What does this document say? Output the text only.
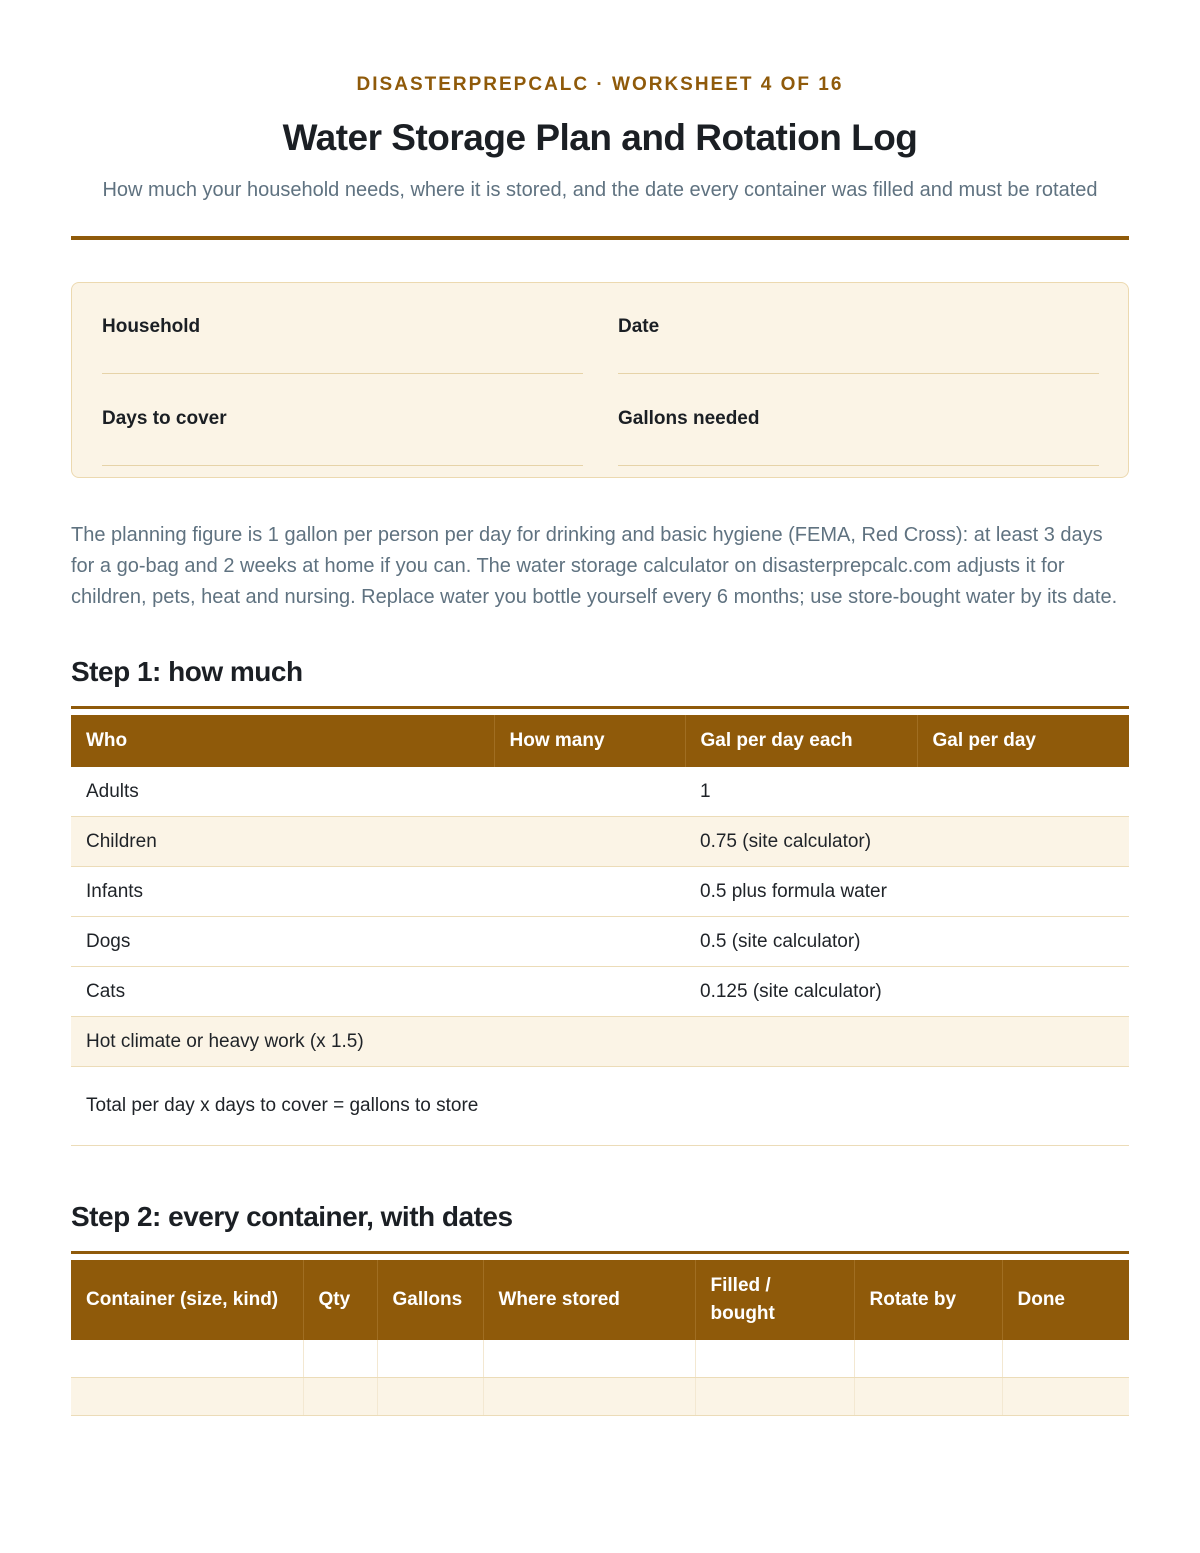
DISASTERPREPCALC · WORKSHEET 4 OF 16
Water Storage Plan and Rotation Log
How much your household needs, where it is stored, and the date every container was filled and must be rotated
Household	Date
Days to cover	Gallons needed

The planning figure is 1 gallon per person per day for drinking and basic hygiene (FEMA, Red Cross): at least 3 days for a go-bag and 2 weeks at home if you can. The water storage calculator on disasterprepcalc.com adjusts it for children, pets, heat and nursing. Replace water you bottle yourself every 6 months; use store-bought water by its date.

Step 1: how much
Who	How many	Gal per day each	Gal per day
Adults		1	
Children		0.75 (site calculator)	
Infants		0.5 plus formula water	
Dogs		0.5 (site calculator)	
Cats		0.125 (site calculator)	
Hot climate or heavy work (x 1.5)			
Total per day x days to cover = gallons to store			
Step 2: every container, with dates
Container (size, kind)	Qty	Gallons	Where stored	Filled / bought	Rotate by	Done
